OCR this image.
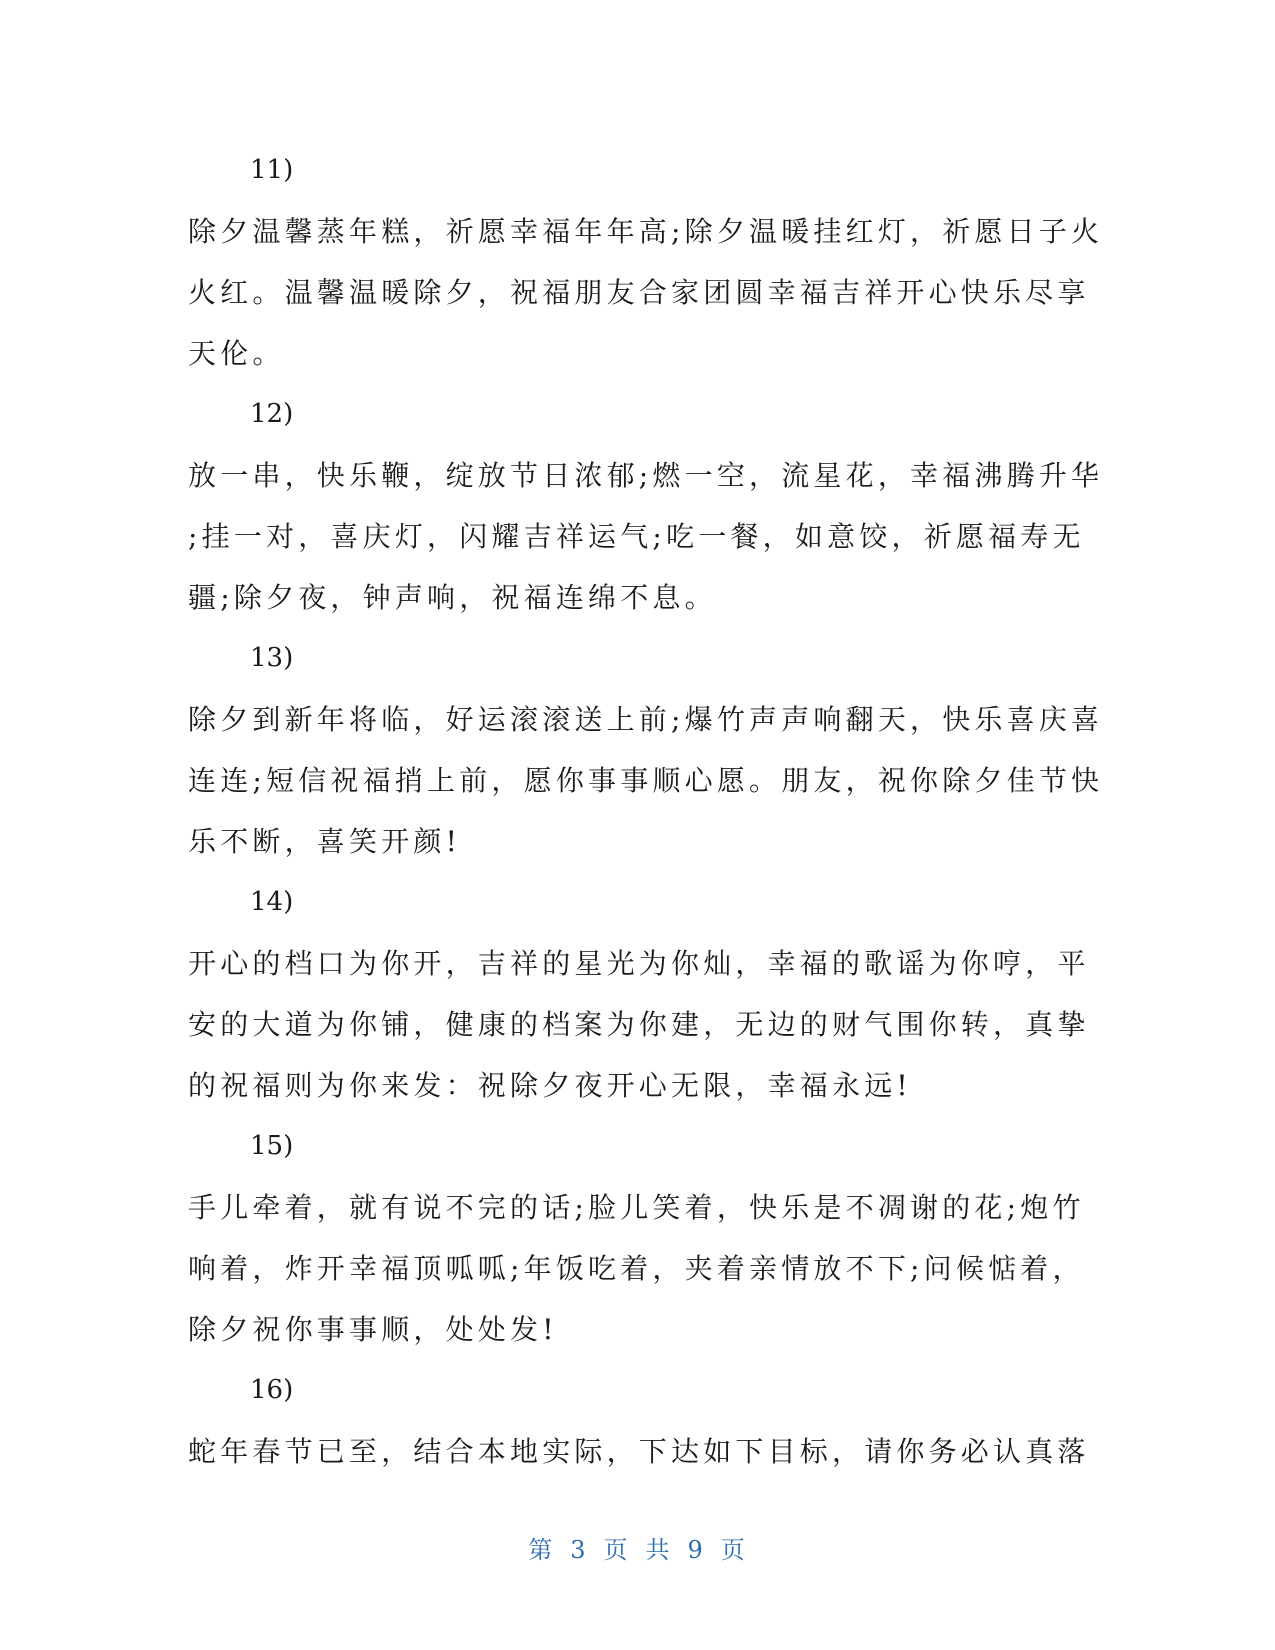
11)

除夕温馨蒸年糕，祈愿幸福年年高;除夕温暖挂红灯，祈愿日子火
火红。温馨温暖除夕，祝福朋友合家团圆幸福吉祥开心快乐尽享
天伦。

12)

放一串，快乐鞭，绽放节日浓郁;燃一空，流星花，幸福沸腾升华
;挂一对，喜庆灯，闪耀吉祥运气;吃一餐，如意饺，祈愿福寿无
疆;除夕夜，钟声响，祝福连绵不息。

13)

除夕到新年将临，好运滚滚送上前;爆竹声声响翻天，快乐喜庆喜
连连;短信祝福捎上前，愿你事事顺心愿。朋友，祝你除夕佳节快
乐不断，喜笑开颜!

14)

开心的档口为你开，吉祥的星光为你灿，幸福的歌谣为你哼，平
安的大道为你铺，健康的档案为你建，无边的财气围你转，真挚
的祝福则为你来发：祝除夕夜开心无限，幸福永远!

15)

手儿牵着，就有说不完的话;脸儿笑着，快乐是不凋谢的花;炮竹
响着，炸开幸福顶呱呱;年饭吃着，夹着亲情放不下;问候惦着，
除夕祝你事事顺，处处发!

16)

蛇年春节已至，结合本地实际，下达如下目标，请你务必认真落

第 3 页 共 9 页
